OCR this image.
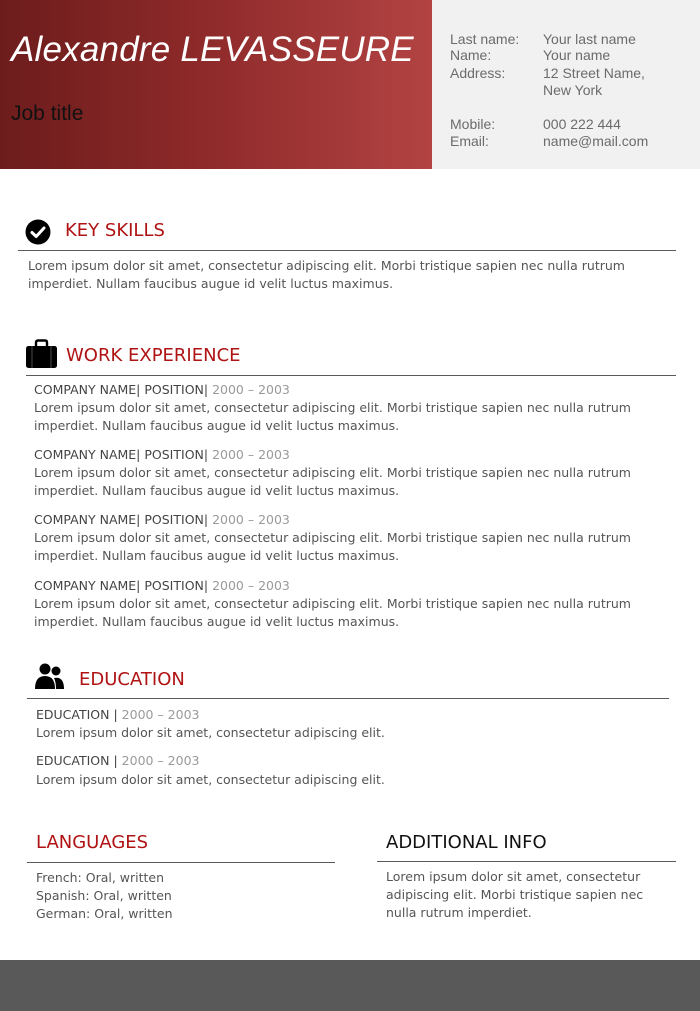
Alexandre LEVASSEURE
Job title
Last name: Your last name
Name:	Your name
Address:	12 Street Name,
New York
Mobile:	000 222 444
Email:	name@mail.com
KEY SKILLS
Lorem ipsum dolor sit amet, consectetur adipiscing elit. Morbi tristique sapien nec nulla rutrum
imperdiet. Nullam faucibus augue id velit luctus maximus.
WORK EXPERIENCE
COMPANY NAME| POSITION| 2000 – 2003
Lorem ipsum dolor sit amet, consectetur adipiscing elit. Morbi tristique sapien nec nulla rutrum
imperdiet. Nullam faucibus augue id velit luctus maximus.
COMPANY NAME| POSITION| 2000 – 2003
Lorem ipsum dolor sit amet, consectetur adipiscing elit. Morbi tristique sapien nec nulla rutrum
imperdiet. Nullam faucibus augue id velit luctus maximus.
COMPANY NAME| POSITION| 2000 – 2003
Lorem ipsum dolor sit amet, consectetur adipiscing elit. Morbi tristique sapien nec nulla rutrum
imperdiet. Nullam faucibus augue id velit luctus maximus.
COMPANY NAME| POSITION| 2000 – 2003
Lorem ipsum dolor sit amet, consectetur adipiscing elit. Morbi tristique sapien nec nulla rutrum
imperdiet. Nullam faucibus augue id velit luctus maximus.
EDUCATION
EDUCATION | 2000 – 2003
Lorem ipsum dolor sit amet, consectetur adipiscing elit.
EDUCATION | 2000 – 2003
Lorem ipsum dolor sit amet, consectetur adipiscing elit.
LANGUAGES
French: Oral, written
Spanish: Oral, written
German: Oral, written
ADDITIONAL INFO
Lorem ipsum dolor sit amet, consectetur
adipiscing elit. Morbi tristique sapien nec
nulla rutrum imperdiet.
